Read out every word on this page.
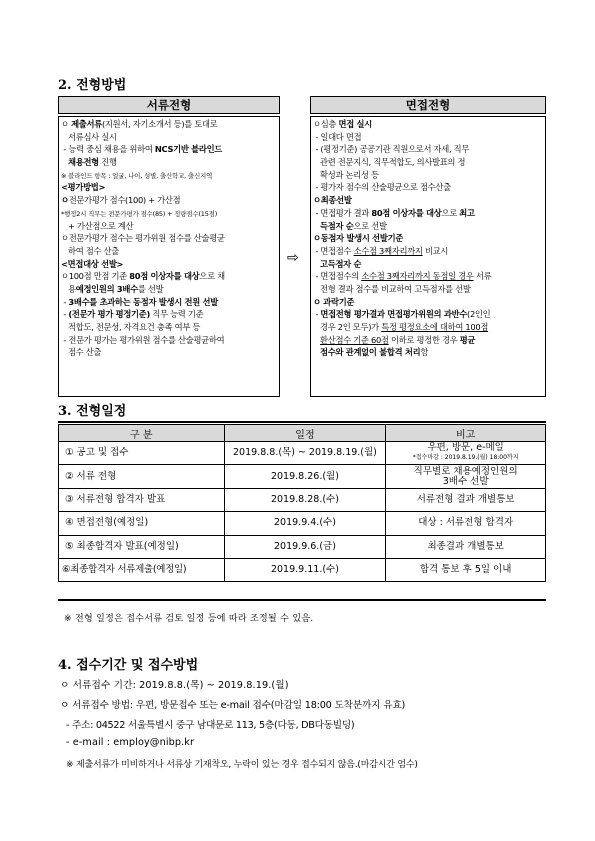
2. 전형방법
서류전형
ㅇ 제출서류(지원서, 자기소개서 등)를 토대로
서류심사 실시
- 능력 중심 채용을 위하여 NCS기반 블라인드
채용전형 진행
※ 블라인드 항목 : 얼굴, 나이, 성별, 출신학교, 출신지역
<평가방법>
ㅇ전문가평가 점수(100) + 가산점
*행정2시 직무는 전문가평가 점수(85) + 정량점수(15점)
+ 가산점으로 계산
ㅇ전문가평가 점수는 평가위원 점수를 산술평균
하여 점수 산출
<면접대상 선발>
ㅇ100점 만점 기준 80점 이상자를 대상으로 채
용예정인원의 3배수를 선발
- 3배수를 초과하는 동점자 발생시 전원 선발
- (전문가 평가 평정기준) 직무 능력 기준
적합도, 전문성, 자격요건 충족 여부 등
- 전문가 평가는 평가위원 점수를 산술평균하여
점수 산출
⇨
면접전형
ㅇ심층 면접 실시
- 일대다 면접
- (평정기준) 공공기관 직원으로서 자세, 직무
관련 전문지식, 직무적합도, 의사발표의 정
확성과 논리성 등
- 평가자 점수의 산술평균으로 점수산출
ㅇ최종선발
- 면접평가 결과 80점 이상자를 대상으로 최고
득점자 순으로 선발
ㅇ동점자 발생시 선발기준
- 면접점수 소수점 3째자리까지 비교시
고득점자 순
- 면접점수의 소수점 3째자리까지 동점일 경우 서류
전형 결과 점수를 비교하여 고득점자를 선발
ㅇ 과락기준
- 면접전형 평가결과 면접평가위원의 과반수(2인인
경우 2인 모두)가 특정 평정요소에 대하여 100점
환산점수 기준 60점 이하로 평정한 경우 평균
점수와 관계없이 불합격 처리함
3. 전형일정
구 분	일정	비고
① 공고 및 접수	2019.8.8.(목) ~ 2019.8.19.(월)	우편, 방문, e-메일
*접수마감 : 2019.8.19.(월) 18:00까지

② 서류 전형	2019.8.26.(월)	직무별로 채용예정인원의
3배수 선발

③ 서류전형 합격자 발표	2019.8.28.(수)	서류전형 결과 개별통보
④ 면접전형(예정일)	2019.9.4.(수)	대상 : 서류전형 합격자
⑤ 최종합격자 발표(예정일)	2019.9.6.(금)	최종결과 개별통보
⑥최종합격자 서류제출(예정일)	2019.9.11.(수)	합격 통보 후 5일 이내
※ 전형 일정은 접수서류 검토 일정 등에 따라 조정될 수 있음.
4. 접수기간 및 접수방법
ㅇ 서류접수 기간: 2019.8.8.(목) ~ 2019.8.19.(월)
ㅇ 서류접수 방법: 우편, 방문접수 또는 e-mail 접수(마감일 18:00 도착분까지 유효)
- 주소: 04522 서울특별시 중구 남대문로 113, 5층(다동, DB다동빌딩)
- e-mail : employ@nibp.kr
※ 제출서류가 미비하거나 서류상 기재착오, 누락이 있는 경우 접수되지 않음.(마감시간 엄수)
